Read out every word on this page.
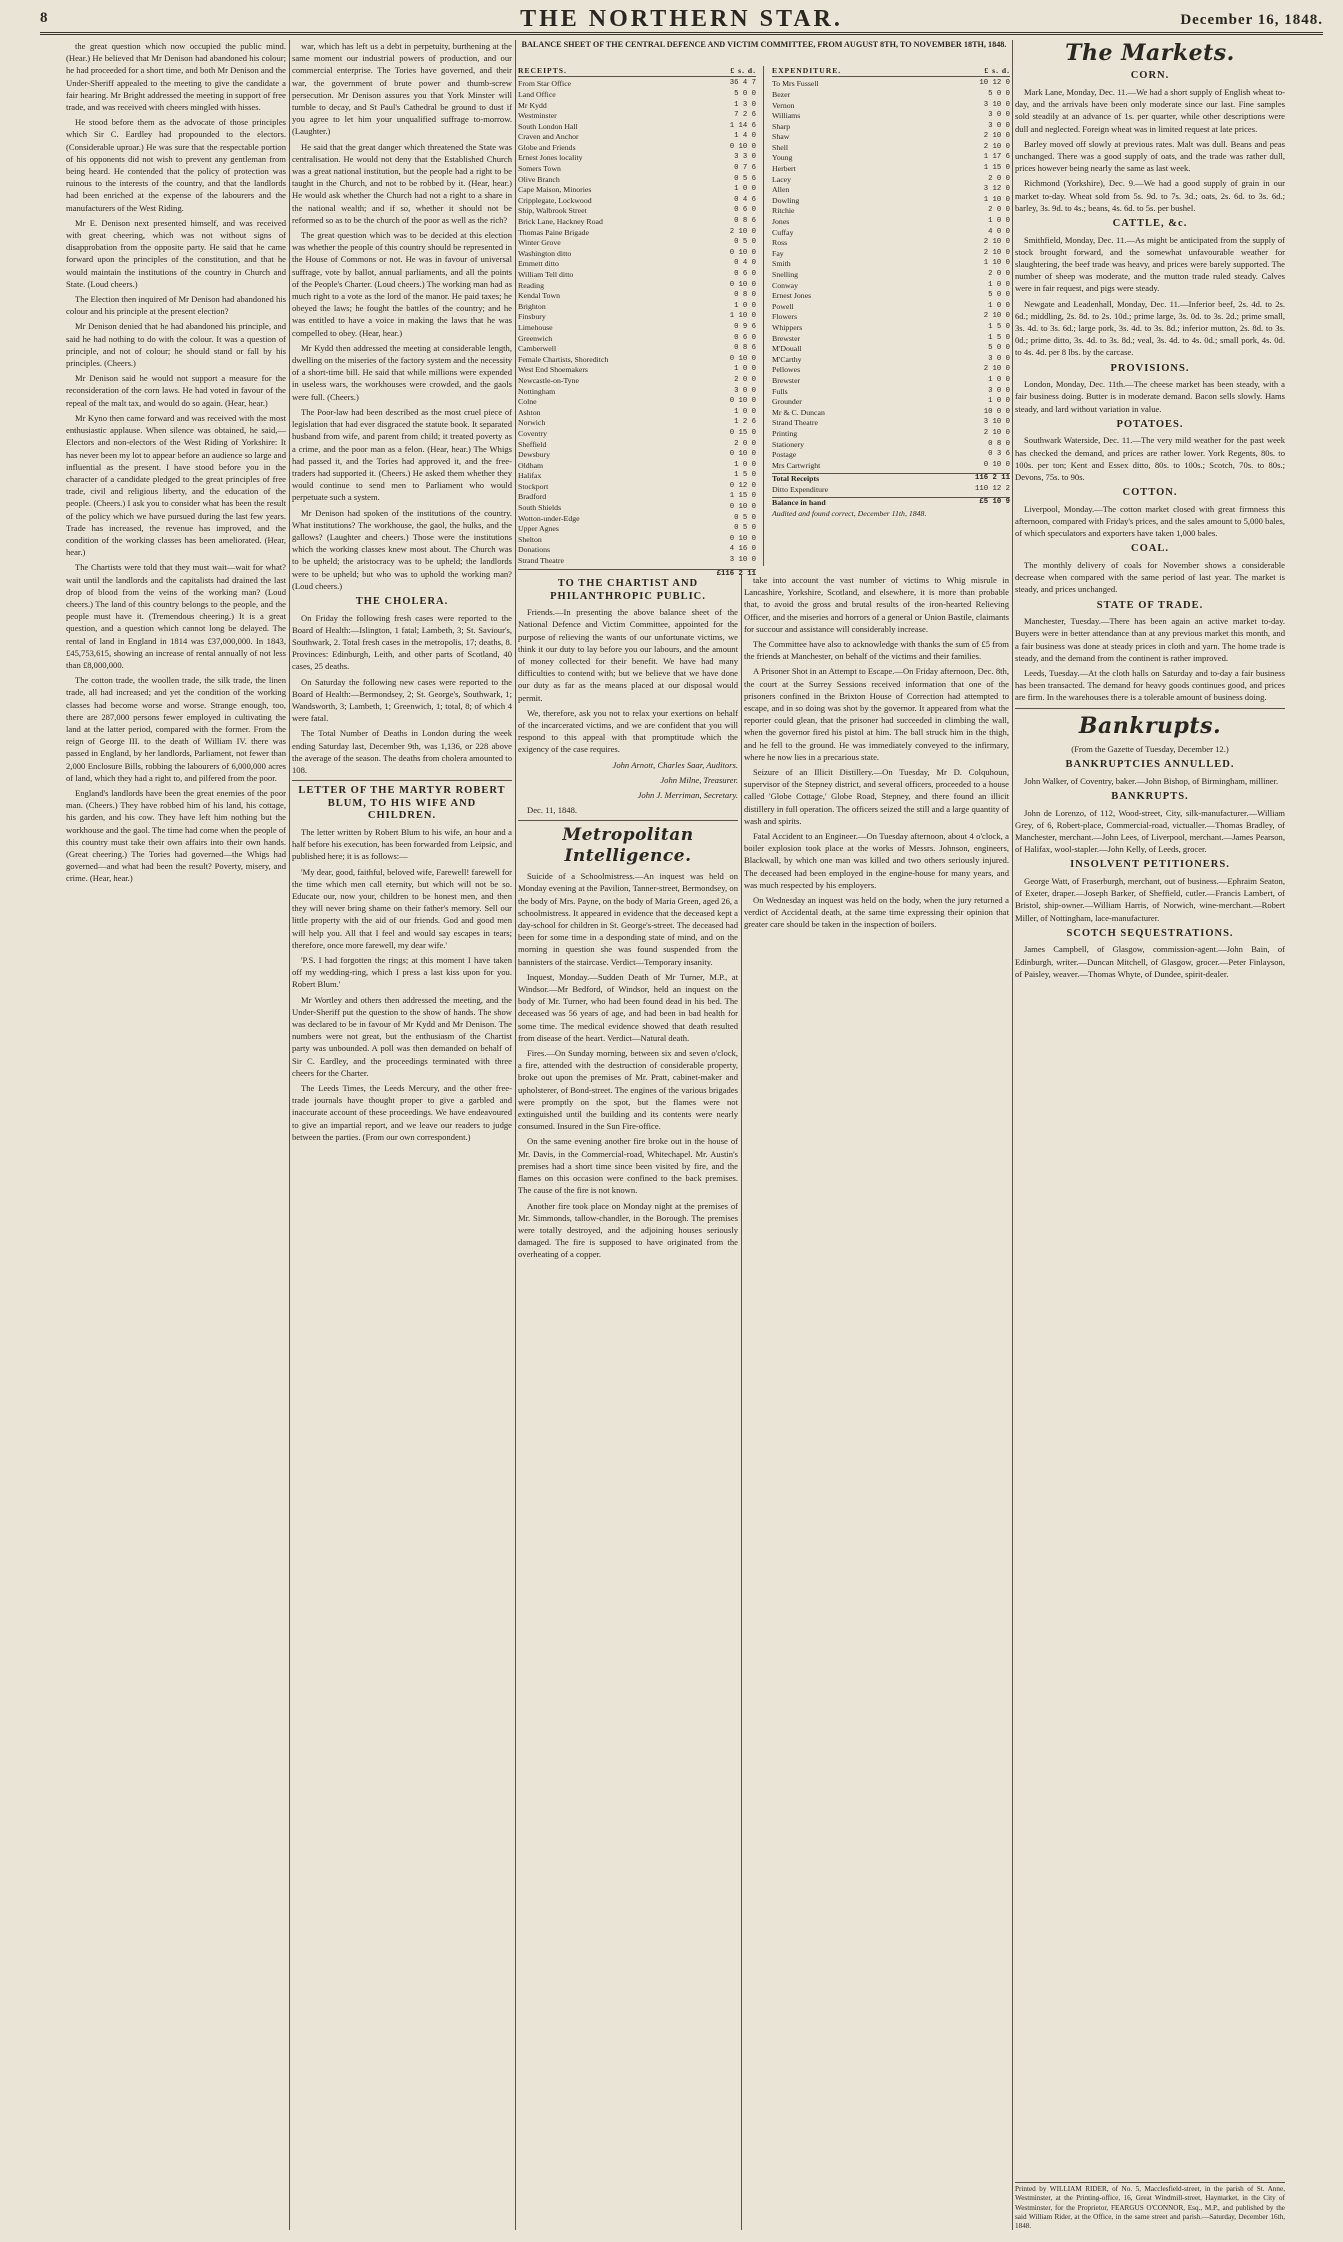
8	THE NORTHERN STAR.	December 16, 1848.

the great question which now occupied the public mind. (Hear.) He believed that Mr Denison had abandoned his colour; he had proceeded for a short time, and both Mr Denison and the Under-Sheriff appealed to the meeting to give the candidate a fair hearing. Mr Bright addressed the meeting in support of free trade, and was received with cheers mingled with hisses.

He stood before them as the advocate of those principles which Sir C. Eardley had propounded to the electors. (Considerable uproar.) He was sure that the respectable portion of his opponents did not wish to prevent any gentleman from being heard. He contended that the policy of protection was ruinous to the interests of the country, and that the landlords had been enriched at the expense of the labourers and the manufacturers of the West Riding.

Mr E. Denison next presented himself, and was received with great cheering, which was not without signs of disapprobation from the opposite party. He said that he came forward upon the principles of the constitution, and that he would maintain the institutions of the country in Church and State. (Loud cheers.)

The Election then inquired of Mr Denison had abandoned his colour and his principle at the present election?

Mr Denison denied that he had abandoned his principle, and said he had nothing to do with the colour. It was a question of principle, and not of colour; he should stand or fall by his principles. (Cheers.)

Mr Denison said he would not support a measure for the reconsideration of the corn laws. He had voted in favour of the repeal of the malt tax, and would do so again. (Hear, hear.)

Mr Kyno then came forward and was received with the most enthusiastic applause. When silence was obtained, he said,—Electors and non-electors of the West Riding of Yorkshire: It has never been my lot to appear before an audience so large and influential as the present. I have stood before you in the character of a candidate pledged to the great principles of free trade, civil and religious liberty, and the education of the people. (Cheers.) I ask you to consider what has been the result of the policy which we have pursued during the last few years. Trade has increased, the revenue has improved, and the condition of the working classes has been ameliorated. (Hear, hear.)

The Chartists were told that they must wait—wait for what? wait until the landlords and the capitalists had drained the last drop of blood from the veins of the working man? (Loud cheers.) The land of this country belongs to the people, and the people must have it. (Tremendous cheering.) It is a great question, and a question which cannot long be delayed. The rental of land in England in 1814 was £37,000,000. In 1843, £45,753,615, showing an increase of rental annually of not less than £8,000,000.

The cotton trade, the woollen trade, the silk trade, the linen trade, all had increased; and yet the condition of the working classes had become worse and worse. Strange enough, too, there are 287,000 persons fewer employed in cultivating the land at the latter period, compared with the former. From the reign of George III. to the death of William IV. there was passed in England, by her landlords, Parliament, not fewer than 2,000 Enclosure Bills, robbing the labourers of 6,000,000 acres of land, which they had a right to, and pilfered from the poor.

England's landlords have been the great enemies of the poor man. (Cheers.) They have robbed him of his land, his cottage, his garden, and his cow. They have left him nothing but the workhouse and the gaol. The time had come when the people of this country must take their own affairs into their own hands. (Great cheering.) The Tories had governed—the Whigs had governed—and what had been the result? Poverty, misery, and crime. (Hear, hear.)

war, which has left us a debt in perpetuity, burthening at the same moment our industrial powers of production, and our commercial enterprise. The Tories have governed, and their war, the government of brute power and thumb-screw persecution. Mr Denison assures you that York Minster will tumble to decay, and St Paul's Cathedral be ground to dust if you agree to let him your unqualified suffrage to-morrow. (Laughter.)

He said that the great danger which threatened the State was centralisation. He would not deny that the Established Church was a great national institution, but the people had a right to be taught in the Church, and not to be robbed by it. (Hear, hear.) He would ask whether the Church had not a right to a share in the national wealth; and if so, whether it should not be reformed so as to be the church of the poor as well as the rich?

The great question which was to be decided at this election was whether the people of this country should be represented in the House of Commons or not. He was in favour of universal suffrage, vote by ballot, annual parliaments, and all the points of the People's Charter. (Loud cheers.) The working man had as much right to a vote as the lord of the manor. He paid taxes; he obeyed the laws; he fought the battles of the country; and he was entitled to have a voice in making the laws that he was compelled to obey. (Hear, hear.)

Mr Kydd then addressed the meeting at considerable length, dwelling on the miseries of the factory system and the necessity of a short-time bill. He said that while millions were expended in useless wars, the workhouses were crowded, and the gaols were full. (Cheers.)

The Poor-law had been described as the most cruel piece of legislation that had ever disgraced the statute book. It separated husband from wife, and parent from child; it treated poverty as a crime, and the poor man as a felon. (Hear, hear.) The Whigs had passed it, and the Tories had approved it, and the free-traders had supported it. (Cheers.) He asked them whether they would continue to send men to Parliament who would perpetuate such a system.

Mr Denison had spoken of the institutions of the country. What institutions? The workhouse, the gaol, the hulks, and the gallows? (Laughter and cheers.) Those were the institutions which the working classes knew most about. The Church was to be upheld; the aristocracy was to be upheld; the landlords were to be upheld; but who was to uphold the working man? (Loud cheers.)

THE CHOLERA.

On Friday the following fresh cases were reported to the Board of Health:—Islington, 1 fatal; Lambeth, 3; St. Saviour's, Southwark, 2. Total fresh cases in the metropolis, 17; deaths, 8. Provinces: Edinburgh, Leith, and other parts of Scotland, 40 cases, 25 deaths.

On Saturday the following new cases were reported to the Board of Health:—Bermondsey, 2; St. George's, Southwark, 1; Wandsworth, 3; Lambeth, 1; Greenwich, 1; total, 8; of which 4 were fatal.

The Total Number of Deaths in London during the week ending Saturday last, December 9th, was 1,136, or 228 above the average of the season. The deaths from cholera amounted to 108.

LETTER OF THE MARTYR ROBERT BLUM, TO HIS WIFE AND CHILDREN.

The letter written by Robert Blum to his wife, an hour and a half before his execution, has been forwarded from Leipsic, and published here; it is as follows:—

'My dear, good, faithful, beloved wife, Farewell! farewell for the time which men call eternity, but which will not be so. Educate our, now your, children to be honest men, and then they will never bring shame on their father's memory. Sell our little property with the aid of our friends. God and good men will help you. All that I feel and would say escapes in tears; therefore, once more farewell, my dear wife.'

'P.S. I had forgotten the rings; at this moment I have taken off my wedding-ring, which I press a last kiss upon for you. Robert Blum.'

Mr Wortley and others then addressed the meeting, and the Under-Sheriff put the question to the show of hands. The show was declared to be in favour of Mr Kydd and Mr Denison. The numbers were not great, but the enthusiasm of the Chartist party was unbounded. A poll was then demanded on behalf of Sir C. Eardley, and the proceedings terminated with three cheers for the Charter.

The Leeds Times, the Leeds Mercury, and the other free-trade journals have thought proper to give a garbled and inaccurate account of these proceedings. We have endeavoured to give an impartial report, and we leave our readers to judge between the parties. (From our own correspondent.)

BALANCE SHEET OF THE CENTRAL DEFENCE AND VICTIM COMMITTEE, FROM AUGUST 8TH, TO NOVEMBER 18TH, 1848.
RECEIPTS.	£ s. d.
From Star Office	36 4 7
Land Office	5 0 0
Mr Kydd	1 3 0
Westminster	7 2 6
South London Hall	1 14 6
Craven and Anchor	1 4 0
Globe and Friends	0 10 0
Ernest Jones locality	3 3 0
Somers Town	0 7 6
Olive Branch	0 5 6
Cape Maison, Minories	1 0 0
Cripplegate, Lockwood	0 4 6
Ship, Walbrook Street	0 6 0
Brick Lane, Hackney Road	0 8 6
Thomas Paine Brigade	2 10 0
Winter Grove	0 5 0
Washington ditto	0 10 0
Emmett ditto	0 4 0
William Tell ditto	0 6 0
Reading	0 10 0
Kendal Town	0 8 0
Brighton	1 0 0
Finsbury	1 10 0
Limehouse	0 9 6
Greenwich	0 6 0
Camberwell	0 8 6
Female Chartists, Shoreditch	0 10 0
West End Shoemakers	1 0 0
Newcastle-on-Tyne	2 0 0
Nottingham	3 0 0
Colne	0 10 0
Ashton	1 0 0
Norwich	1 2 6
Coventry	0 15 0
Sheffield	2 0 0
Dewsbury	0 10 0
Oldham	1 0 0
Halifax	1 5 0
Stockport	0 12 0
Bradford	1 15 0
South Shields	0 10 0
Wotton-under-Edge	0 5 0
Upper Agnes	0 5 0
Shelton	0 10 0
Donations	4 16 0
Strand Theatre	3 10 0
£116 2 11
EXPENDITURE.	£ s. d.
To Mrs Fussell	10 12 0
Bezer	5 0 0
Vernon	3 10 0
Williams	3 0 0
Sharp	3 0 0
Shaw	2 10 0
Shell	2 10 0
Young	1 17 6
Herbert	1 15 0
Lacey	2 0 0
Allen	3 12 0
Dowling	1 10 0
Ritchie	2 0 0
Jones	1 0 0
Cuffay	4 0 0
Ross	2 10 0
Fay	2 10 0
Smith	1 10 0
Snelling	2 0 0
Conway	1 0 0
Ernest Jones	5 0 0
Powell	1 0 0
Flowers	2 10 0
Whippers	1 5 0
Brewster	1 5 0
M'Douall	5 0 0
M'Carthy	3 0 0
Pellowes	2 10 0
Brewster	1 0 0
Fulls	3 0 0
Grounder	1 0 0
Mr & C. Duncan	10 0 0
Strand Theatre	3 10 0
Printing	2 10 0
Stationery	0 8 0
Postage	0 3 6
Mrs Cartwright	0 10 0
Total Receipts	116 2 11
Ditto Expenditure	110 12 2
Balance in hand	£5 10 9
Audited and found correct, December 11th, 1848.
TO THE CHARTIST AND PHILANTHROPIC PUBLIC.

Friends.—In presenting the above balance sheet of the National Defence and Victim Committee, appointed for the purpose of relieving the wants of our unfortunate victims, we think it our duty to lay before you our labours, and the amount of money collected for their benefit. We have had many difficulties to contend with; but we believe that we have done our duty as far as the means placed at our disposal would permit.

We, therefore, ask you not to relax your exertions on behalf of the incarcerated victims, and we are confident that you will respond to this appeal with that promptitude which the exigency of the case requires.

John Arnott, Charles Saar, Auditors.

John Milne, Treasurer.

John J. Merriman, Secretary.

Dec. 11, 1848.

Metropolitan Intelligence.

Suicide of a Schoolmistress.—An inquest was held on Monday evening at the Pavilion, Tanner-street, Bermondsey, on the body of Mrs. Payne, on the body of Maria Green, aged 26, a schoolmistress. It appeared in evidence that the deceased kept a day-school for children in St. George's-street. The deceased had been for some time in a desponding state of mind, and on the morning in question she was found suspended from the bannisters of the staircase. Verdict—Temporary insanity.

Inquest, Monday.—Sudden Death of Mr Turner, M.P., at Windsor.—Mr Bedford, of Windsor, held an inquest on the body of Mr. Turner, who had been found dead in his bed. The deceased was 56 years of age, and had been in bad health for some time. The medical evidence showed that death resulted from disease of the heart. Verdict—Natural death.

Fires.—On Sunday morning, between six and seven o'clock, a fire, attended with the destruction of considerable property, broke out upon the premises of Mr. Pratt, cabinet-maker and upholsterer, of Bond-street. The engines of the various brigades were promptly on the spot, but the flames were not extinguished until the building and its contents were nearly consumed. Insured in the Sun Fire-office.

On the same evening another fire broke out in the house of Mr. Davis, in the Commercial-road, Whitechapel. Mr. Austin's premises had a short time since been visited by fire, and the flames on this occasion were confined to the back premises. The cause of the fire is not known.

Another fire took place on Monday night at the premises of Mr. Simmonds, tallow-chandler, in the Borough. The premises were totally destroyed, and the adjoining houses seriously damaged. The fire is supposed to have originated from the overheating of a copper.

take into account the vast number of victims to Whig misrule in Lancashire, Yorkshire, Scotland, and elsewhere, it is more than probable that, to avoid the gross and brutal results of the iron-hearted Relieving Officer, and the miseries and horrors of a general or Union Bastile, claimants for succour and assistance will considerably increase.

The Committee have also to acknowledge with thanks the sum of £5 from the friends at Manchester, on behalf of the victims and their families.

A Prisoner Shot in an Attempt to Escape.—On Friday afternoon, Dec. 8th, the court at the Surrey Sessions received information that one of the prisoners confined in the Brixton House of Correction had attempted to escape, and in so doing was shot by the governor. It appeared from what the reporter could glean, that the prisoner had succeeded in climbing the wall, when the governor fired his pistol at him. The ball struck him in the thigh, and he fell to the ground. He was immediately conveyed to the infirmary, where he now lies in a precarious state.

Seizure of an Illicit Distillery.—On Tuesday, Mr D. Colquhoun, supervisor of the Stepney district, and several officers, proceeded to a house called 'Globe Cottage,' Globe Road, Stepney, and there found an illicit distillery in full operation. The officers seized the still and a large quantity of wash and spirits.

Fatal Accident to an Engineer.—On Tuesday afternoon, about 4 o'clock, a boiler explosion took place at the works of Messrs. Johnson, engineers, Blackwall, by which one man was killed and two others seriously injured. The deceased had been employed in the engine-house for many years, and was much respected by his employers.

On Wednesday an inquest was held on the body, when the jury returned a verdict of Accidental death, at the same time expressing their opinion that greater care should be taken in the inspection of boilers.

The Markets.
CORN.

Mark Lane, Monday, Dec. 11.—We had a short supply of English wheat to-day, and the arrivals have been only moderate since our last. Fine samples sold steadily at an advance of 1s. per quarter, while other descriptions were dull and neglected. Foreign wheat was in limited request at late prices.

Barley moved off slowly at previous rates. Malt was dull. Beans and peas unchanged. There was a good supply of oats, and the trade was rather dull, prices however being nearly the same as last week.

Richmond (Yorkshire), Dec. 9.—We had a good supply of grain in our market to-day. Wheat sold from 5s. 9d. to 7s. 3d.; oats, 2s. 6d. to 3s. 6d.; barley, 3s. 9d. to 4s.; beans, 4s. 6d. to 5s. per bushel.

CATTLE, &c.

Smithfield, Monday, Dec. 11.—As might be anticipated from the supply of stock brought forward, and the somewhat unfavourable weather for slaughtering, the beef trade was heavy, and prices were barely supported. The number of sheep was moderate, and the mutton trade ruled steady. Calves were in fair request, and pigs were steady.

Newgate and Leadenhall, Monday, Dec. 11.—Inferior beef, 2s. 4d. to 2s. 6d.; middling, 2s. 8d. to 2s. 10d.; prime large, 3s. 0d. to 3s. 2d.; prime small, 3s. 4d. to 3s. 6d.; large pork, 3s. 4d. to 3s. 8d.; inferior mutton, 2s. 8d. to 3s. 0d.; prime ditto, 3s. 4d. to 3s. 8d.; veal, 3s. 4d. to 4s. 0d.; small pork, 4s. 0d. to 4s. 4d. per 8 lbs. by the carcase.

PROVISIONS.

London, Monday, Dec. 11th.—The cheese market has been steady, with a fair business doing. Butter is in moderate demand. Bacon sells slowly. Hams steady, and lard without variation in value.

POTATOES.

Southwark Waterside, Dec. 11.—The very mild weather for the past week has checked the demand, and prices are rather lower. York Regents, 80s. to 100s. per ton; Kent and Essex ditto, 80s. to 100s.; Scotch, 70s. to 80s.; Devons, 75s. to 90s.

COTTON.

Liverpool, Monday.—The cotton market closed with great firmness this afternoon, compared with Friday's prices, and the sales amount to 5,000 bales, of which speculators and exporters have taken 1,000 bales.

COAL.

The monthly delivery of coals for November shows a considerable decrease when compared with the same period of last year. The market is steady, and prices unchanged.

STATE OF TRADE.

Manchester, Tuesday.—There has been again an active market to-day. Buyers were in better attendance than at any previous market this month, and a fair business was done at steady prices in cloth and yarn. The home trade is steady, and the demand from the continent is rather improved.

Leeds, Tuesday.—At the cloth halls on Saturday and to-day a fair business has been transacted. The demand for heavy goods continues good, and prices are firm. In the warehouses there is a tolerable amount of business doing.

Bankrupts.

(From the Gazette of Tuesday, December 12.)

BANKRUPTCIES ANNULLED.

John Walker, of Coventry, baker.—John Bishop, of Birmingham, milliner.

BANKRUPTS.

John de Lorenzo, of 112, Wood-street, City, silk-manufacturer.—William Grey, of 6, Robert-place, Commercial-road, victualler.—Thomas Bradley, of Manchester, merchant.—John Lees, of Liverpool, merchant.—James Pearson, of Halifax, wool-stapler.—John Kelly, of Leeds, grocer.

INSOLVENT PETITIONERS.

George Watt, of Fraserburgh, merchant, out of business.—Ephraim Seaton, of Exeter, draper.—Joseph Barker, of Sheffield, cutler.—Francis Lambert, of Bristol, ship-owner.—William Harris, of Norwich, wine-merchant.—Robert Miller, of Nottingham, lace-manufacturer.

SCOTCH SEQUESTRATIONS.

James Campbell, of Glasgow, commission-agent.—John Bain, of Edinburgh, writer.—Duncan Mitchell, of Glasgow, grocer.—Peter Finlayson, of Paisley, weaver.—Thomas Whyte, of Dundee, spirit-dealer.

Printed by WILLIAM RIDER, of No. 5, Macclesfield-street, in the parish of St. Anne, Westminster, at the Printing-office, 16, Great Windmill-street, Haymarket, in the City of Westminster, for the Proprietor, FEARGUS O'CONNOR, Esq., M.P., and published by the said William Rider, at the Office, in the same street and parish.—Saturday, December 16th, 1848.
